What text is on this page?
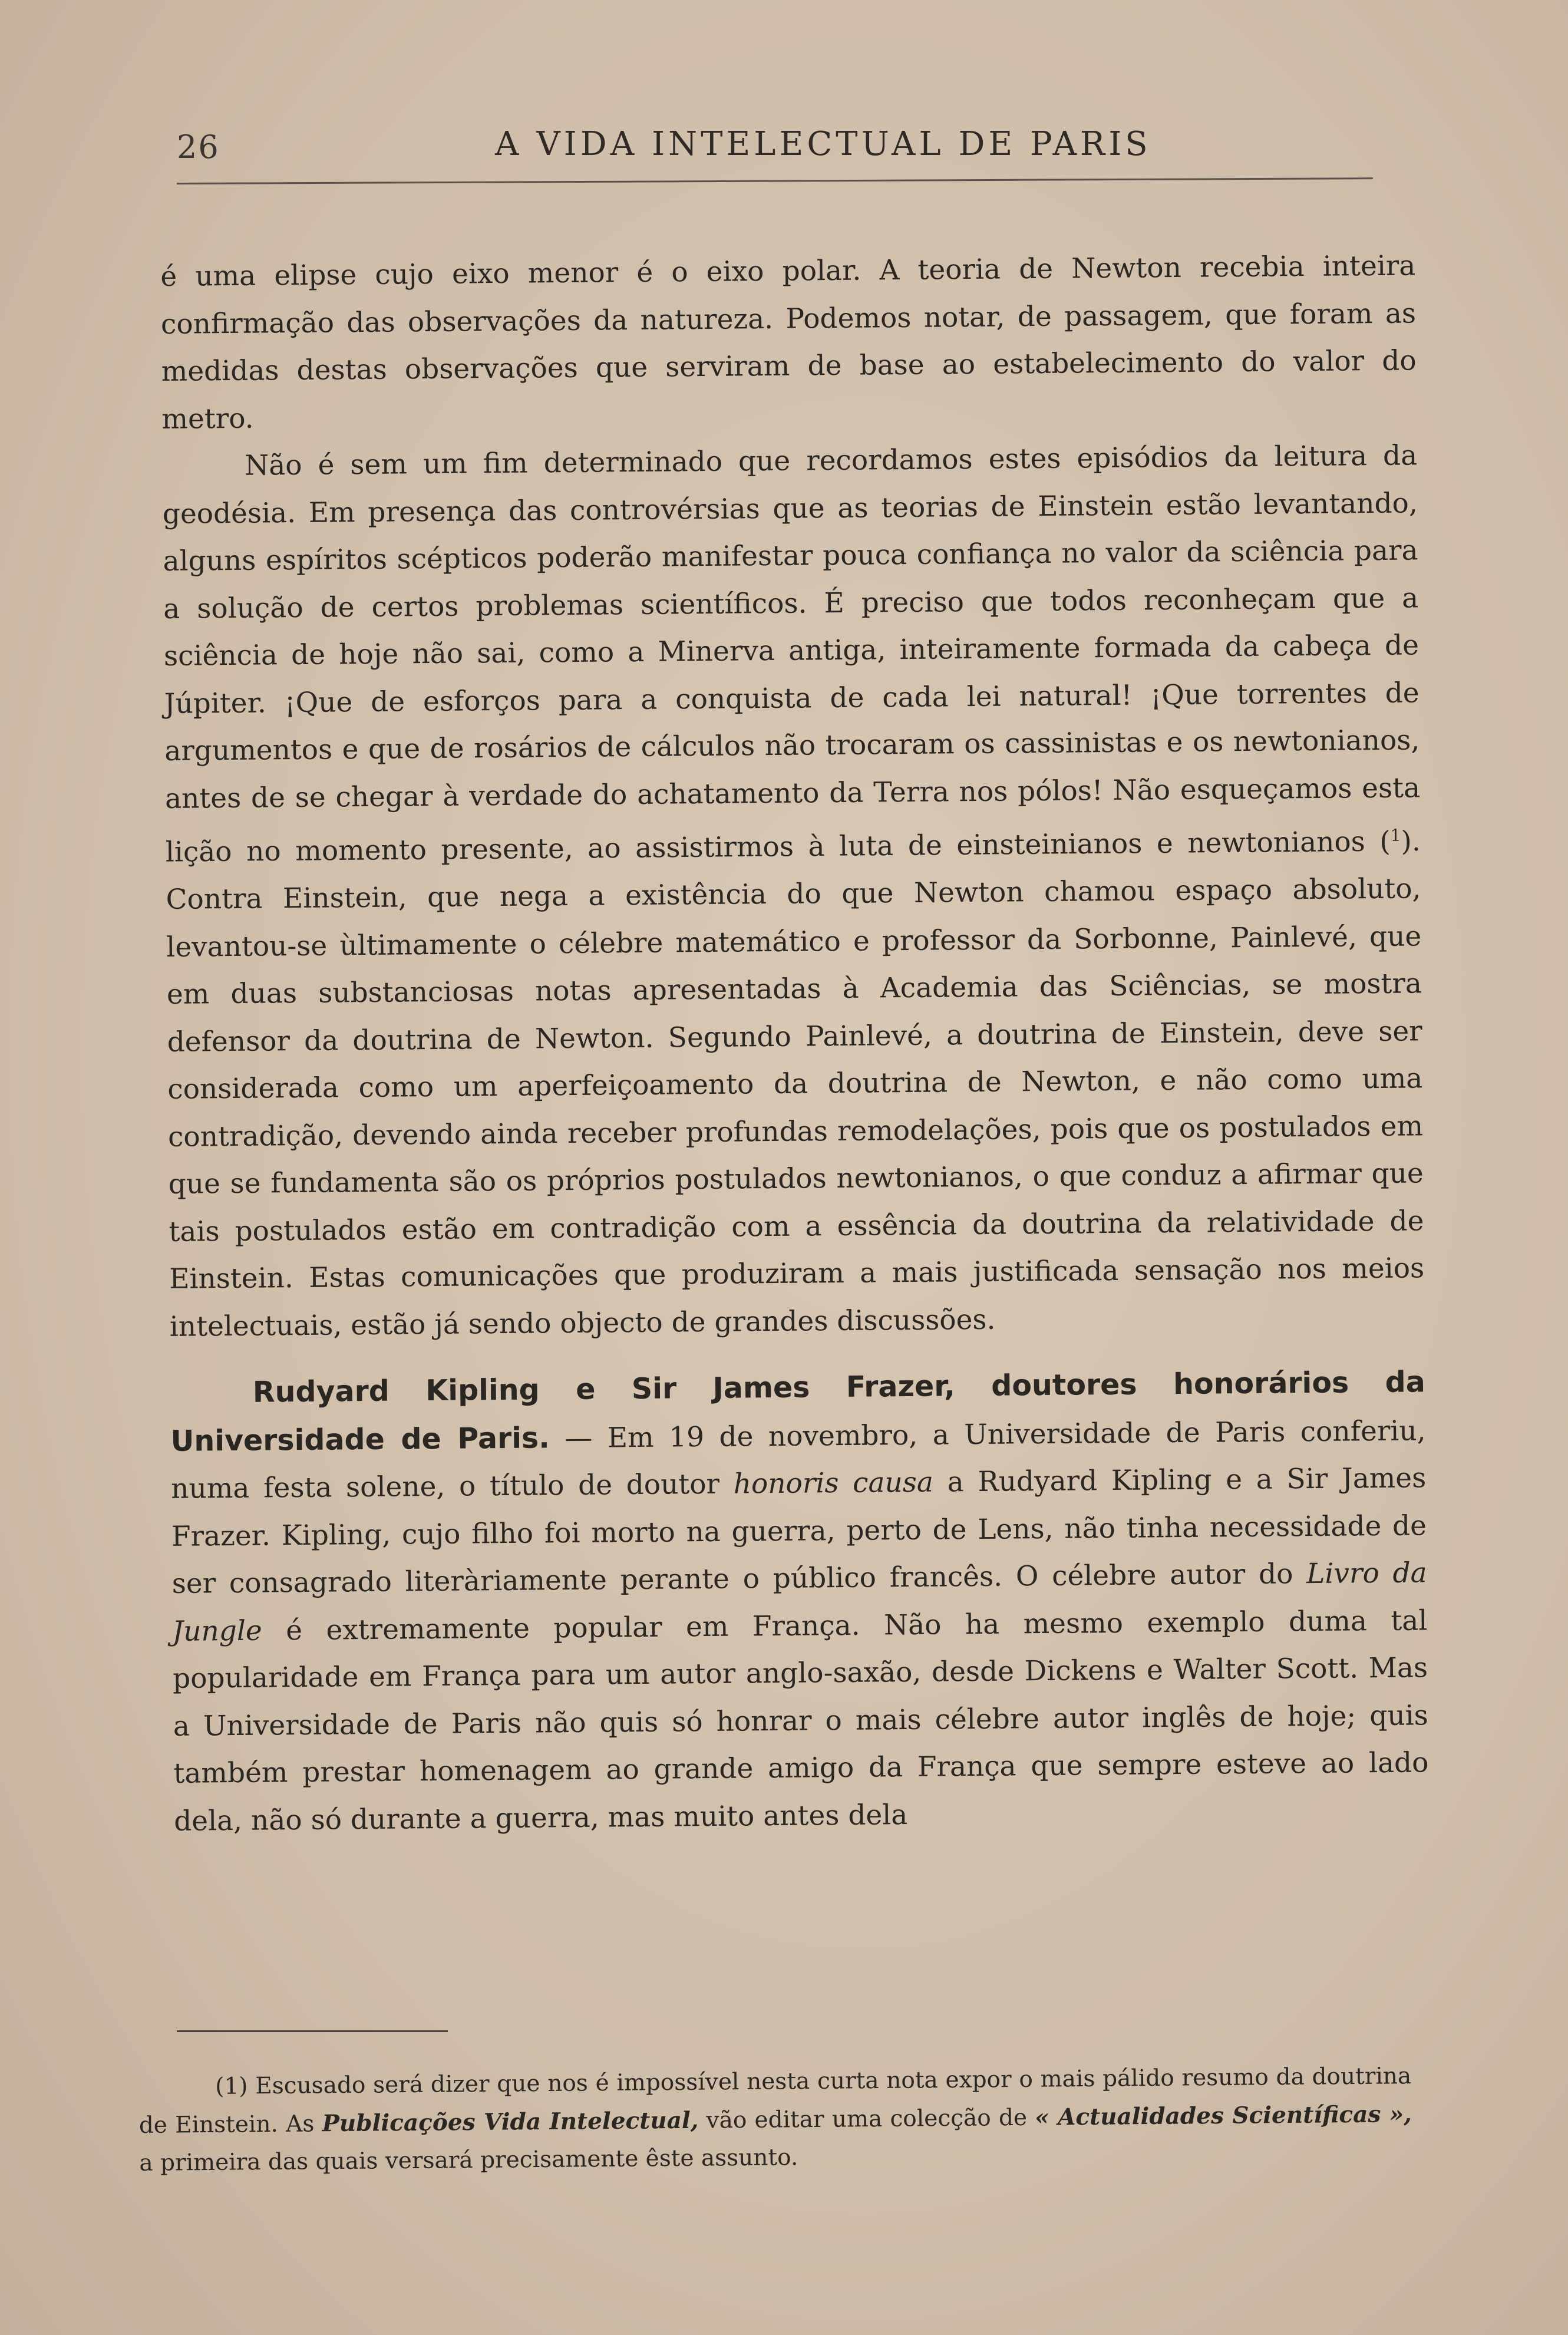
26	A VIDA INTELECTUAL DE PARIS

é uma elipse cujo eixo menor é o eixo polar. A teoria de Newton recebia inteira confirmação das observações da natureza. Podemos notar, de passagem, que foram as medidas destas observações que serviram de base ao estabelecimento do valor do metro.

Não é sem um fim determinado que recordamos estes episódios da leitura da geodésia. Em presença das controvérsias que as teorias de Einstein estão levantando, alguns espíritos scépticos poderão manifestar pouca confiança no valor da sciência para a solução de certos problemas scientíficos. É preciso que todos reconheçam que a sciência de hoje não sai, como a Minerva antiga, inteiramente formada da cabeça de Júpiter. ¡Que de esforços para a conquista de cada lei natural! ¡Que torrentes de argumentos e que de rosários de cálculos não trocaram os cassinistas e os newtonianos, antes de se chegar à verdade do achatamento da Terra nos pólos! Não esqueçamos esta lição no momento presente, ao assistirmos à luta de einsteinianos e newtonianos ($^1$). Contra Einstein, que nega a existência do que Newton chamou espaço absoluto, levantou-se ùltimamente o célebre matemático e professor da Sorbonne, Painlevé, que em duas substanciosas notas apresentadas à Academia das Sciências, se mostra defensor da doutrina de Newton. Segundo Painlevé, a doutrina de Einstein, deve ser considerada como um aperfeiçoamento da doutrina de Newton, e não como uma contradição, devendo ainda receber profundas remodelações, pois que os postulados em que se fundamenta são os próprios postulados newtonianos, o que conduz a afirmar que tais postulados estão em contradição com a essência da doutrina da relatividade de Einstein. Estas comunicações que produziram a mais justificada sensação nos meios intelectuais, estão já sendo objecto de grandes discussões.

Rudyard Kipling e Sir James Frazer, doutores honorários da Universidade de Paris. — Em 19 de novembro, a Universidade de Paris conferiu, numa festa solene, o título de doutor honoris causa a Rudyard Kipling e a Sir James Frazer. Kipling, cujo filho foi morto na guerra, perto de Lens, não tinha necessidade de ser consagrado literàriamente perante o público francês. O célebre autor do Livro da Jungle é extremamente popular em França. Não ha mesmo exemplo duma tal popularidade em França para um autor anglo-saxão, desde Dickens e Walter Scott. Mas a Universidade de Paris não quis só honrar o mais célebre autor inglês de hoje; quis também prestar homenagem ao grande amigo da França que sempre esteve ao lado dela, não só durante a guerra, mas muito antes dela

(1) Escusado será dizer que nos é impossível nesta curta nota expor o mais pálido resumo da doutrina de Einstein. As Publicações Vida Intelectual, vão editar uma colecção de « Actualidades Scientíficas », a primeira das quais versará precisamente êste assunto.
